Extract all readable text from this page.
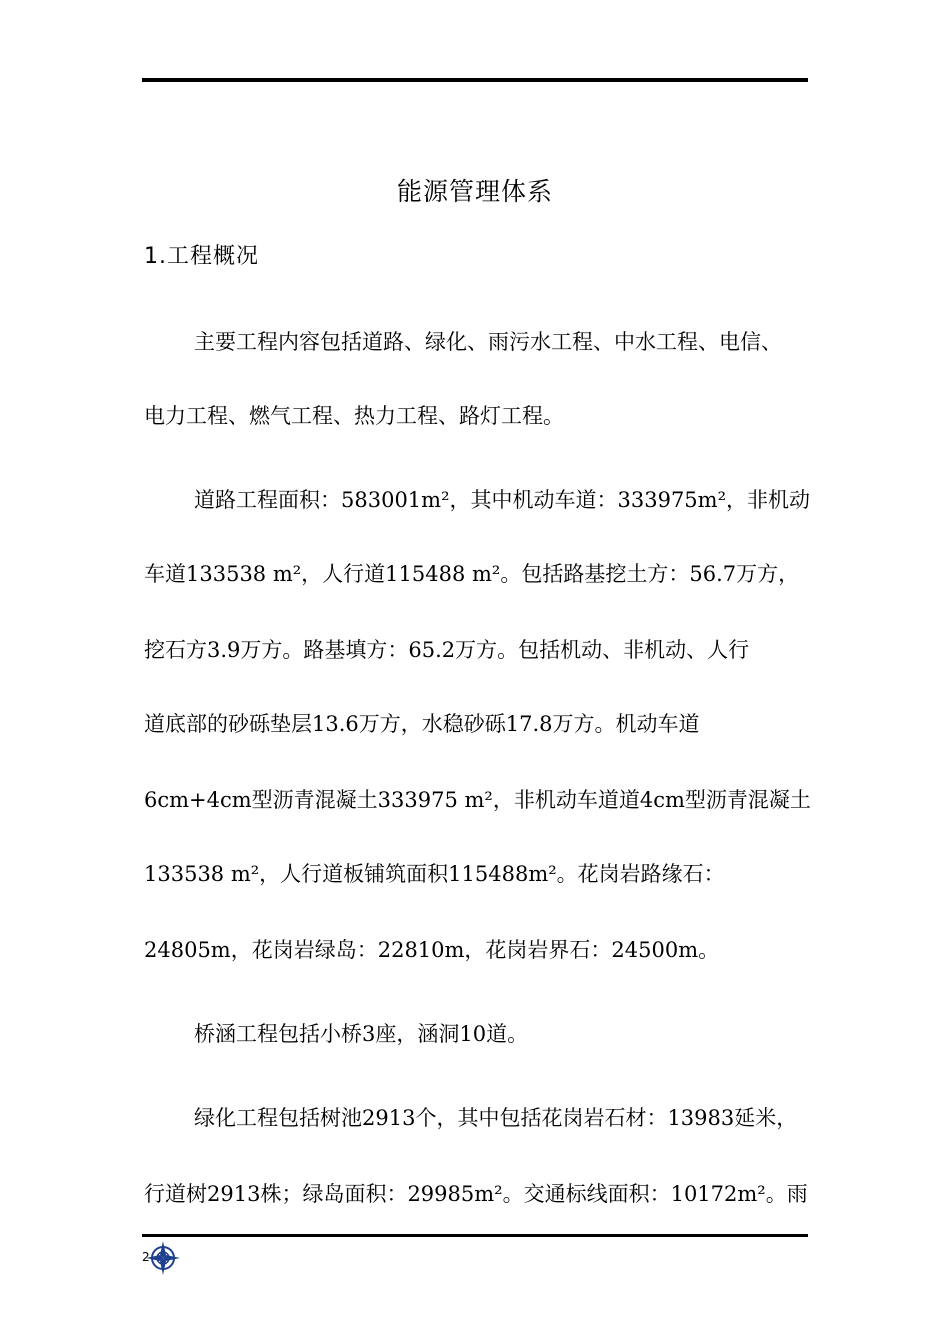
能源管理体系
1.工程概况
主要工程内容包括道路、绿化、雨污水工程、中水工程、电信、
电力工程、燃气工程、热力工程、路灯工程。
道路工程面积：583001m²，其中机动车道：333975m²，非机动
车道133538 m²，人行道115488 m²。包括路基挖土方：56.7万方，
挖石方3.9万方。路基填方：65.2万方。包括机动、非机动、人行
道底部的砂砾垫层13.6万方，水稳砂砾17.8万方。机动车道
6cm+4cm型沥青混凝土333975 m²，非机动车道道4cm型沥青混凝土
133538 m²，人行道板铺筑面积115488m²。花岗岩路缘石：
24805m，花岗岩绿岛：22810m，花岗岩界石：24500m。
桥涵工程包括小桥3座，涵洞10道。
绿化工程包括树池2913个，其中包括花岗岩石材：13983延米，
行道树2913株；绿岛面积：29985m²。交通标线面积：10172m²。雨
2
